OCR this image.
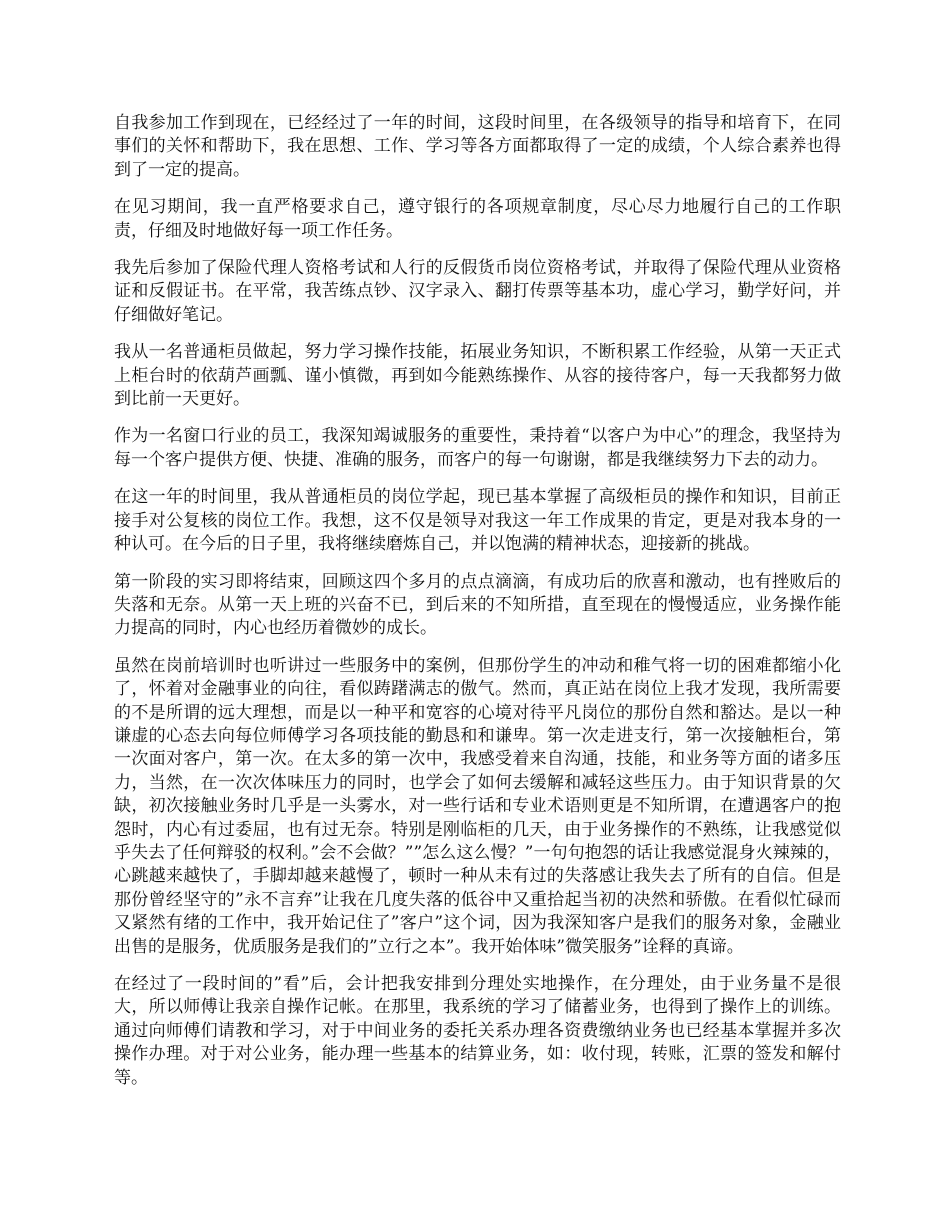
自我参加工作到现在，已经经过了一年的时间，这段时间里，在各级领导的指导和培育下，在同事们的关怀和帮助下，我在思想、工作、学习等各方面都取得了一定的成绩，个人综合素养也得到了一定的提高。

在见习期间，我一直严格要求自己，遵守银行的各项规章制度，尽心尽力地履行自己的工作职责，仔细及时地做好每一项工作任务。

我先后参加了保险代理人资格考试和人行的反假货币岗位资格考试，并取得了保险代理从业资格证和反假证书。在平常，我苦练点钞、汉字录入、翻打传票等基本功，虚心学习，勤学好问，并仔细做好笔记。

我从一名普通柜员做起，努力学习操作技能，拓展业务知识，不断积累工作经验，从第一天正式上柜台时的依葫芦画瓢、谨小慎微，再到如今能熟练操作、从容的接待客户，每一天我都努力做到比前一天更好。

作为一名窗口行业的员工，我深知竭诚服务的重要性，秉持着“以客户为中心”的理念，我坚持为每一个客户提供方便、快捷、准确的服务，而客户的每一句谢谢，都是我继续努力下去的动力。

在这一年的时间里，我从普通柜员的岗位学起，现已基本掌握了高级柜员的操作和知识，目前正接手对公复核的岗位工作。我想，这不仅是领导对我这一年工作成果的肯定，更是对我本身的一种认可。在今后的日子里，我将继续磨炼自己，并以饱满的精神状态，迎接新的挑战。

第一阶段的实习即将结束，回顾这四个多月的点点滴滴，有成功后的欣喜和激动，也有挫败后的失落和无奈。从第一天上班的兴奋不已，到后来的不知所措，直至现在的慢慢适应，业务操作能力提高的同时，内心也经历着微妙的成长。

虽然在岗前培训时也听讲过一些服务中的案例，但那份学生的冲动和稚气将一切的困难都缩小化了，怀着对金融事业的向往，看似踌躇满志的傲气。然而，真正站在岗位上我才发现，我所需要的不是所谓的远大理想，而是以一种平和宽容的心境对待平凡岗位的那份自然和豁达。是以一种谦虚的心态去向每位师傅学习各项技能的勤恳和和谦卑。第一次走进支行，第一次接触柜台，第一次面对客户，第一次。在太多的第一次中，我感受着来自沟通，技能，和业务等方面的诸多压力，当然，在一次次体味压力的同时，也学会了如何去缓解和减轻这些压力。由于知识背景的欠缺，初次接触业务时几乎是一头雾水，对一些行话和专业术语则更是不知所谓，在遭遇客户的抱怨时，内心有过委屈，也有过无奈。特别是刚临柜的几天，由于业务操作的不熟练，让我感觉似乎失去了任何辩驳的权利。”会不会做？””怎么这么慢？”一句句抱怨的话让我感觉混身火辣辣的，心跳越来越快了，手脚却越来越慢了，顿时一种从未有过的失落感让我失去了所有的自信。但是那份曾经坚守的”永不言弃”让我在几度失落的低谷中又重拾起当初的决然和骄傲。在看似忙碌而又紧然有绪的工作中，我开始记住了”客户”这个词，因为我深知客户是我们的服务对象，金融业出售的是服务，优质服务是我们的”立行之本”。我开始体味”微笑服务”诠释的真谛。

在经过了一段时间的”看”后，会计把我安排到分理处实地操作，在分理处，由于业务量不是很大，所以师傅让我亲自操作记帐。在那里，我系统的学习了储蓄业务，也得到了操作上的训练。通过向师傅们请教和学习，对于中间业务的委托关系办理各资费缴纳业务也已经基本掌握并多次操作办理。对于对公业务，能办理一些基本的结算业务，如：收付现，转账，汇票的签发和解付等。
